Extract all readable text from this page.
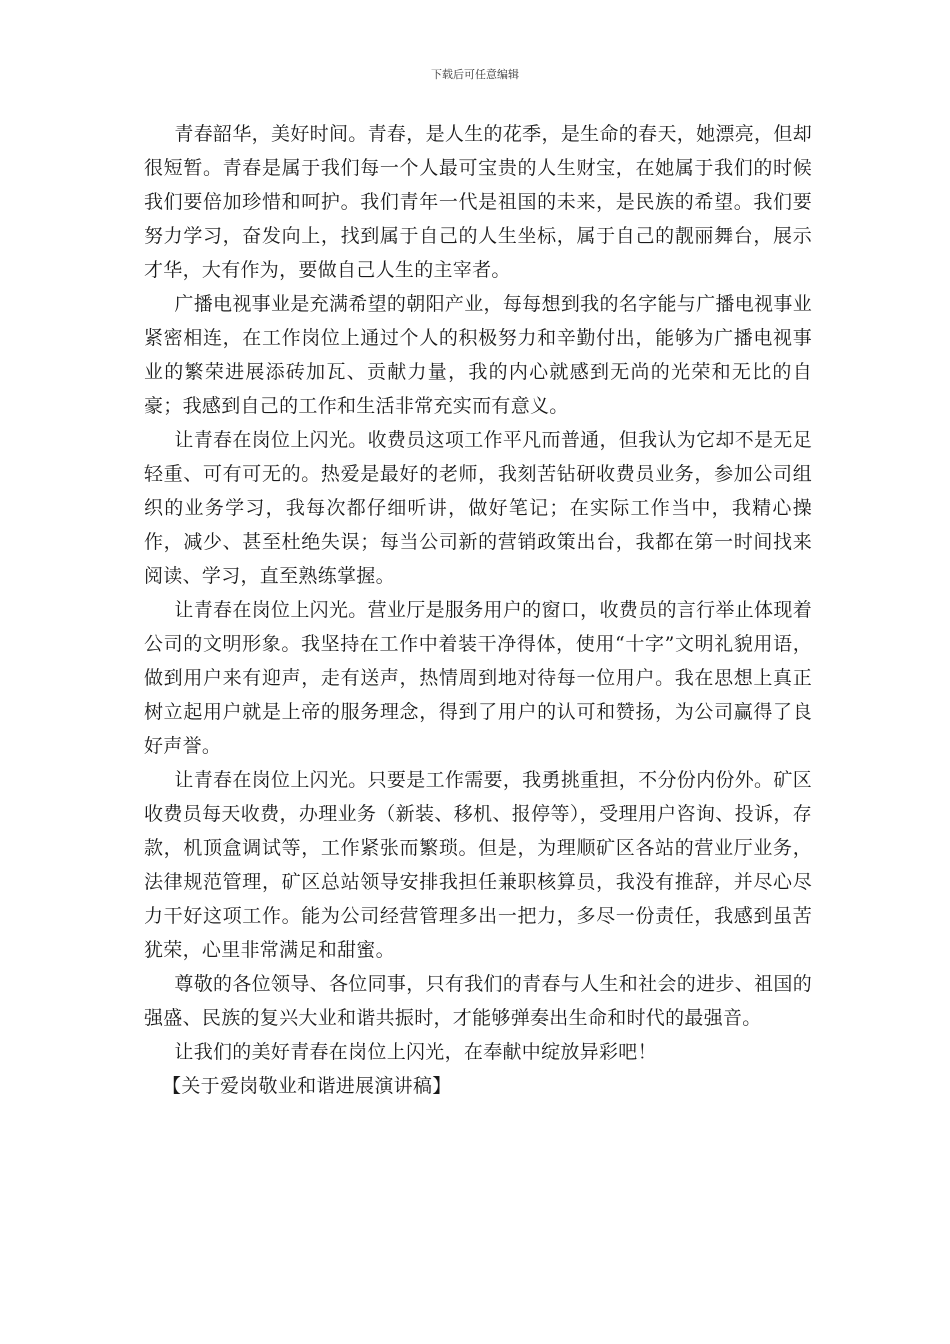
下载后可任意编辑

青春韶华，美好时间。青春，是人生的花季，是生命的春天，她漂亮，但却很短暂。青春是属于我们每一个人最可宝贵的人生财宝，在她属于我们的时候我们要倍加珍惜和呵护。我们青年一代是祖国的未来，是民族的希望。我们要努力学习，奋发向上，找到属于自己的人生坐标，属于自己的靓丽舞台，展示才华，大有作为，要做自己人生的主宰者。

广播电视事业是充满希望的朝阳产业，每每想到我的名字能与广播电视事业紧密相连，在工作岗位上通过个人的积极努力和辛勤付出，能够为广播电视事业的繁荣进展添砖加瓦、贡献力量，我的内心就感到无尚的光荣和无比的自豪；我感到自己的工作和生活非常充实而有意义。

让青春在岗位上闪光。收费员这项工作平凡而普通，但我认为它却不是无足轻重、可有可无的。热爱是最好的老师，我刻苦钻研收费员业务，参加公司组织的业务学习，我每次都仔细听讲，做好笔记；在实际工作当中，我精心操作，减少、甚至杜绝失误；每当公司新的营销政策出台，我都在第一时间找来阅读、学习，直至熟练掌握。

让青春在岗位上闪光。营业厅是服务用户的窗口，收费员的言行举止体现着公司的文明形象。我坚持在工作中着装干净得体，使用“十字”文明礼貌用语，做到用户来有迎声，走有送声，热情周到地对待每一位用户。我在思想上真正树立起用户就是上帝的服务理念，得到了用户的认可和赞扬，为公司赢得了良好声誉。

让青春在岗位上闪光。只要是工作需要，我勇挑重担，不分份内份外。矿区收费员每天收费，办理业务（新装、移机、报停等），受理用户咨询、投诉，存款，机顶盒调试等，工作紧张而繁琐。但是，为理顺矿区各站的营业厅业务，法律规范管理，矿区总站领导安排我担任兼职核算员，我没有推辞，并尽心尽力干好这项工作。能为公司经营管理多出一把力，多尽一份责任，我感到虽苦犹荣，心里非常满足和甜蜜。

尊敬的各位领导、各位同事，只有我们的青春与人生和社会的进步、祖国的强盛、民族的复兴大业和谐共振时，才能够弹奏出生命和时代的最强音。

让我们的美好青春在岗位上闪光，在奉献中绽放异彩吧！

【关于爱岗敬业和谐进展演讲稿】
